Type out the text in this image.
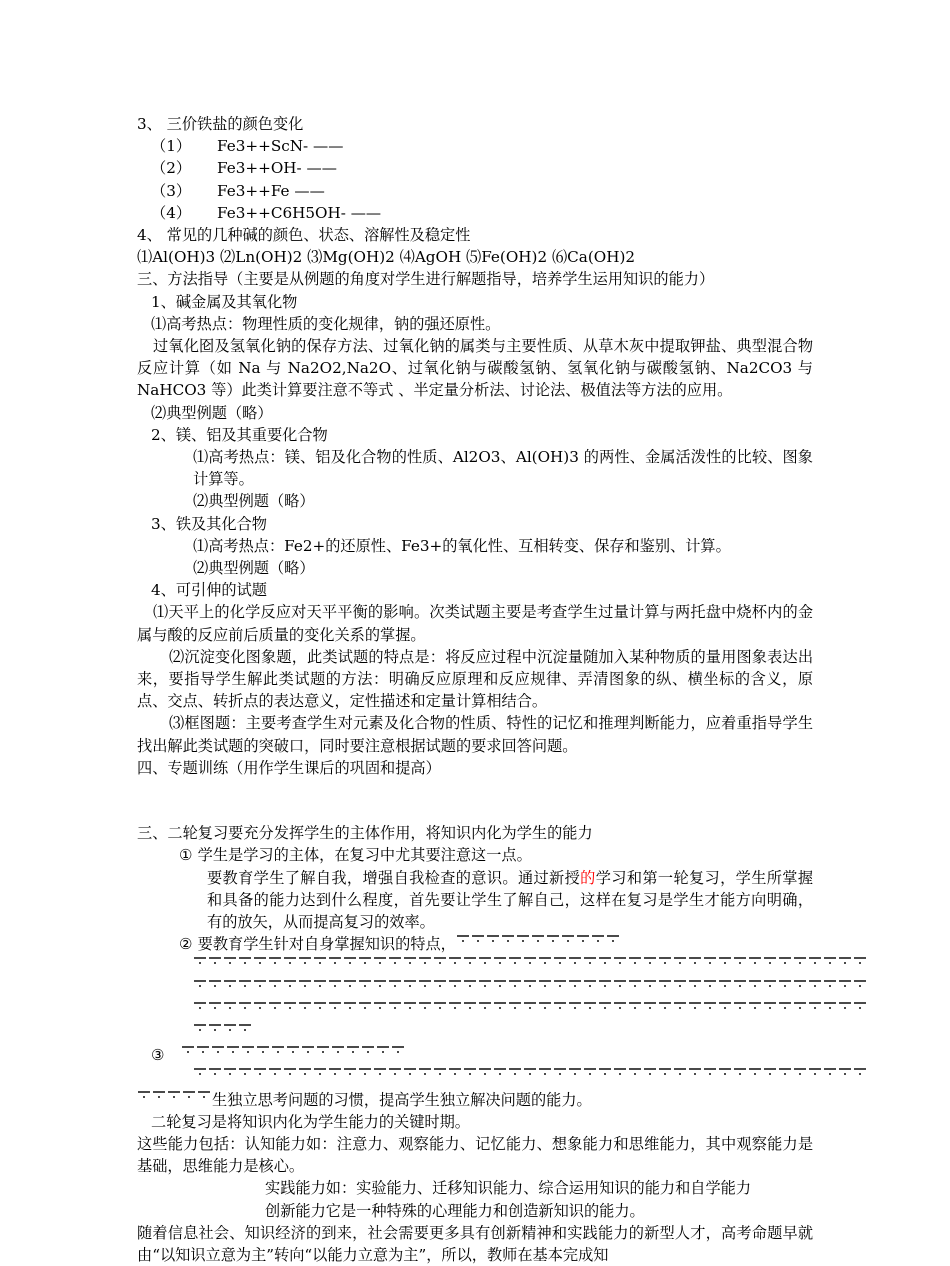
3、 三价铁盐的颜色变化
（1） Fe3++ScN- ——
（2） Fe3++OH- ——
（3） Fe3++Fe ——
（4） Fe3++C6H5OH- ——
4、 常见的几种碱的颜色、状态、溶解性及稳定性
⑴Al(OH)3 ⑵Ln(OH)2 ⑶Mg(OH)2 ⑷AgOH ⑸Fe(OH)2 ⑹Ca(OH)2
三、方法指导（主要是从例题的角度对学生进行解题指导，培养学生运用知识的能力）
1、碱金属及其氧化物
⑴高考热点：物理性质的变化规律，钠的强还原性。
过氧化囵及氢氧化钠的保存方法、过氧化钠的属类与主要性质、从草木灰中提取钾盐、典型混合物反应计算（如 Na 与 Na2O2,Na2O、过氧化钠与碳酸氢钠、氢氧化钠与碳酸氢钠、Na2CO3 与 NaHCO3 等）此类计算要注意不等式 、半定量分析法、讨论法、极值法等方法的应用。
⑵典型例题（略）
2、镁、铝及其重要化合物
⑴高考热点：镁、铝及化合物的性质、Al2O3、Al(OH)3 的两性、金属活泼性的比较、图象计算等。
⑵典型例题（略）
3、铁及其化合物
⑴高考热点：Fe2+的还原性、Fe3+的氧化性、互相转变、保存和鉴别、计算。
⑵典型例题（略）
4、可引伸的试题
⑴天平上的化学反应对天平平衡的影响。次类试题主要是考查学生过量计算与两托盘中烧杯内的金属与酸的反应前后质量的变化关系的掌握。
⑵沉淀变化图象题，此类试题的特点是：将反应过程中沉淀量随加入某种物质的量用图象表达出来，要指导学生解此类试题的方法：明确反应原理和反应规律、弄清图象的纵、横坐标的含义，原点、交点、转折点的表达意义，定性描述和定量计算相结合。
⑶框图题：主要考查学生对元素及化合物的性质、特性的记忆和推理判断能力，应着重指导学生找出解此类试题的突破口，同时要注意根据试题的要求回答问题。
四、专题训练（用作学生课后的巩固和提高）
三、二轮复习要充分发挥学生的主体作用，将知识内化为学生的能力
① 学生是学习的主体，在复习中尤其要注意这一点。
要教育学生了解自我，增强自我检查的意识。通过新授的学习和第一轮复习，学生所掌握和具备的能力达到什么程度，首先要让学生了解自己，这样在复习是学生才能方向明确，有的放矢，从而提高复习的效率。
② 要教育学生针对自身掌握知识的特点，
③
生独立思考问题的习惯，提高学生独立解决问题的能力。
二轮复习是将知识内化为学生能力的关键时期。
这些能力包括：认知能力如：注意力、观察能力、记忆能力、想象能力和思维能力，其中观察能力是基础，思维能力是核心。
实践能力如：实验能力、迁移知识能力、综合运用知识的能力和自学能力
创新能力它是一种特殊的心理能力和创造新知识的能力。
随着信息社会、知识经济的到来，社会需要更多具有创新精神和实践能力的新型人才，高考命题早就由“以知识立意为主”转向“以能力立意为主”，所以，教师在基本完成知
